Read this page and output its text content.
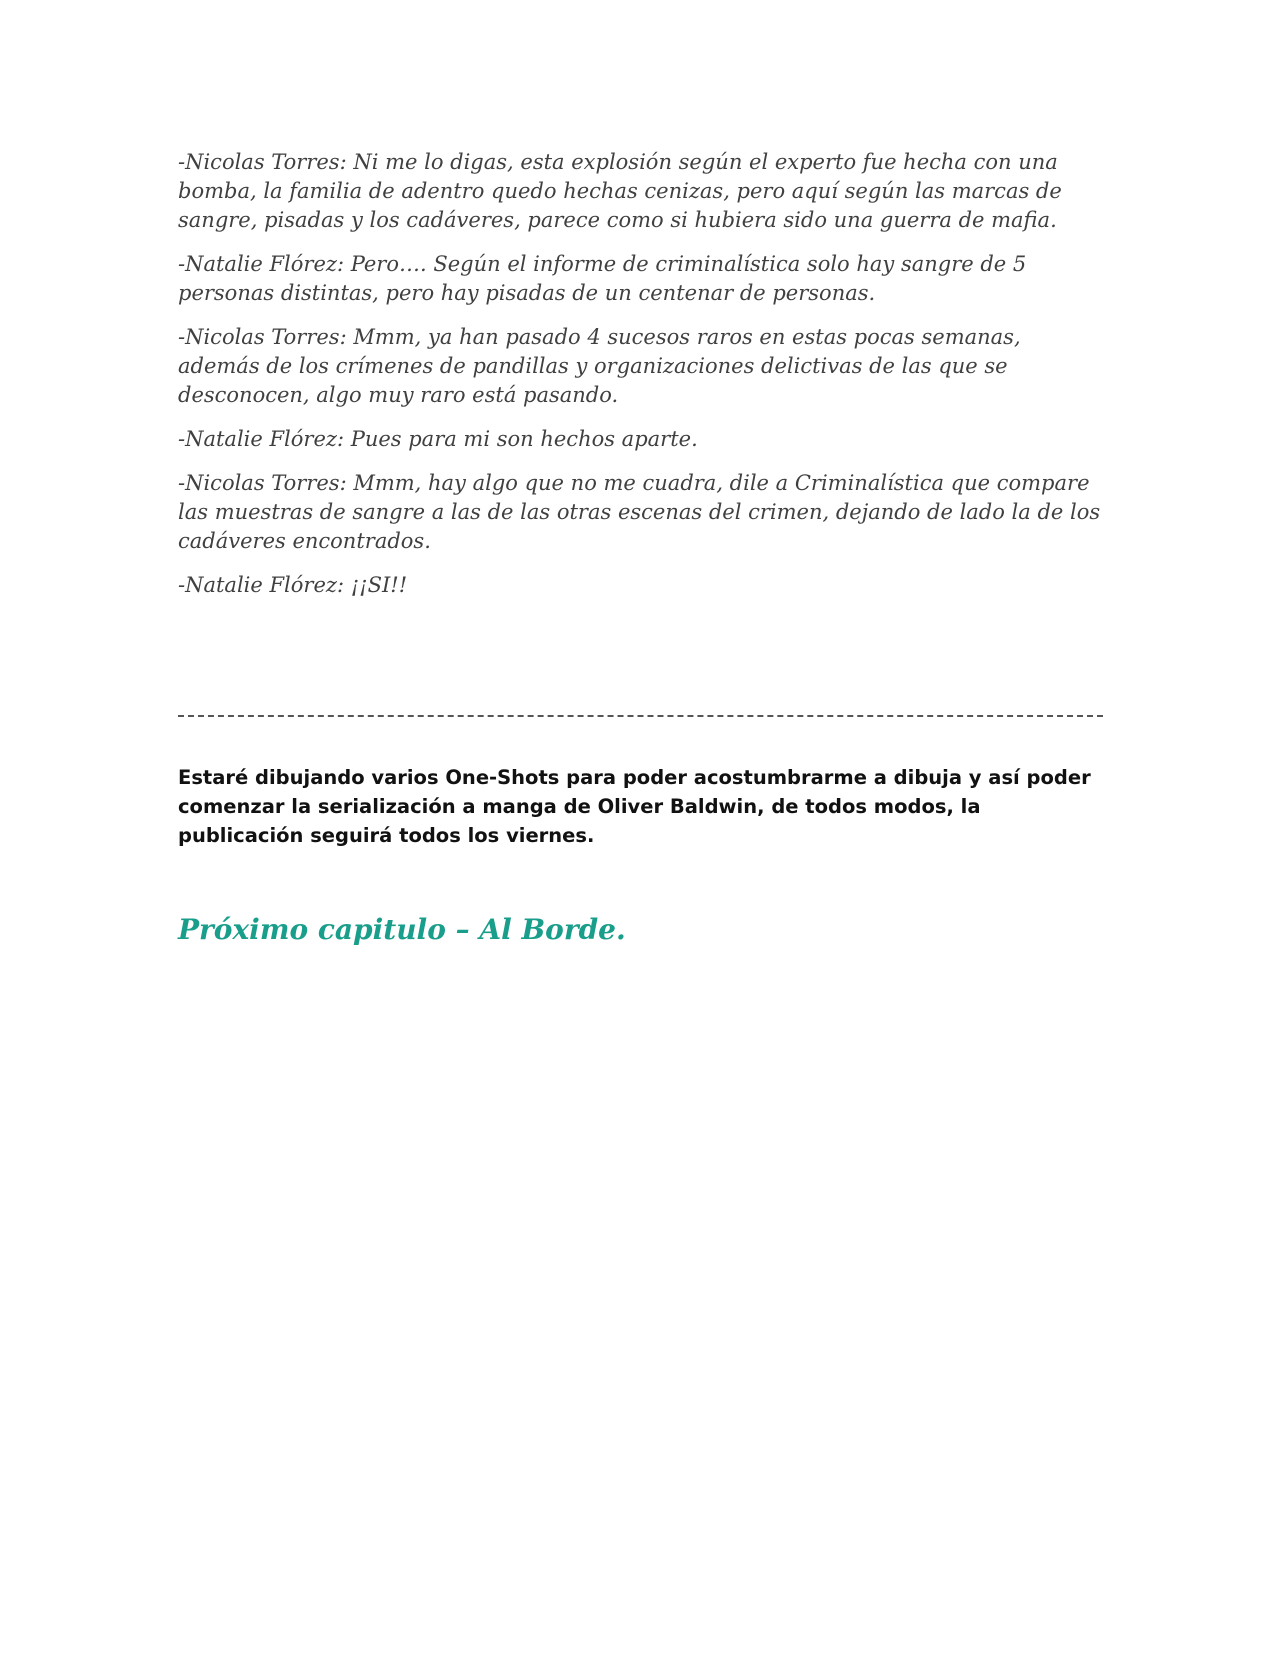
-Nicolas Torres: Ni me lo digas, esta explosión según el experto fue hecha con una bomba, la familia de adentro quedo hechas cenizas, pero aquí según las marcas de sangre, pisadas y los cadáveres, parece como si hubiera sido una guerra de mafia.

-Natalie Flórez: Pero…. Según el informe de criminalística solo hay sangre de 5 personas distintas, pero hay pisadas de un centenar de personas.

-Nicolas Torres: Mmm, ya han pasado 4 sucesos raros en estas pocas semanas, además de los crímenes de pandillas y organizaciones delictivas de las que se desconocen, algo muy raro está pasando.

-Natalie Flórez: Pues para mi son hechos aparte.

-Nicolas Torres: Mmm, hay algo que no me cuadra, dile a Criminalística que compare las muestras de sangre a las de las otras escenas del crimen, dejando de lado la de los cadáveres encontrados.

-Natalie Flórez: ¡¡SI!!

Estaré dibujando varios One-Shots para poder acostumbrarme a dibuja y así poder comenzar la serialización a manga de Oliver Baldwin, de todos modos, la publicación seguirá todos los viernes.

Próximo capitulo – Al Borde.
